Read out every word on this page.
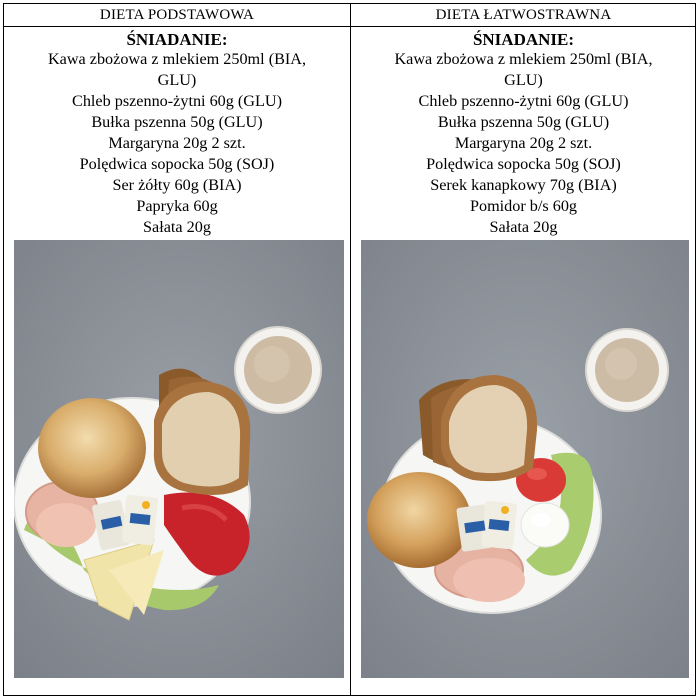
DIETA PODSTAWOWA
ŚNIADANIE:
Kawa zbożowa z mlekiem 250ml (BIA,
GLU)
Chleb pszenno-żytni 60g (GLU)
Bułka pszenna 50g (GLU)
Margaryna 20g 2 szt.
Polędwica sopocka 50g (SOJ)
Ser żółty 60g (BIA)
Papryka 60g
Sałata 20g
DIETA ŁATWOSTRAWNA
ŚNIADANIE:
Kawa zbożowa z mlekiem 250ml (BIA,
GLU)
Chleb pszenno-żytni 60g (GLU)
Bułka pszenna 50g (GLU)
Margaryna 20g 2 szt.
Polędwica sopocka 50g (SOJ)
Serek kanapkowy 70g (BIA)
Pomidor b/s 60g
Sałata 20g
